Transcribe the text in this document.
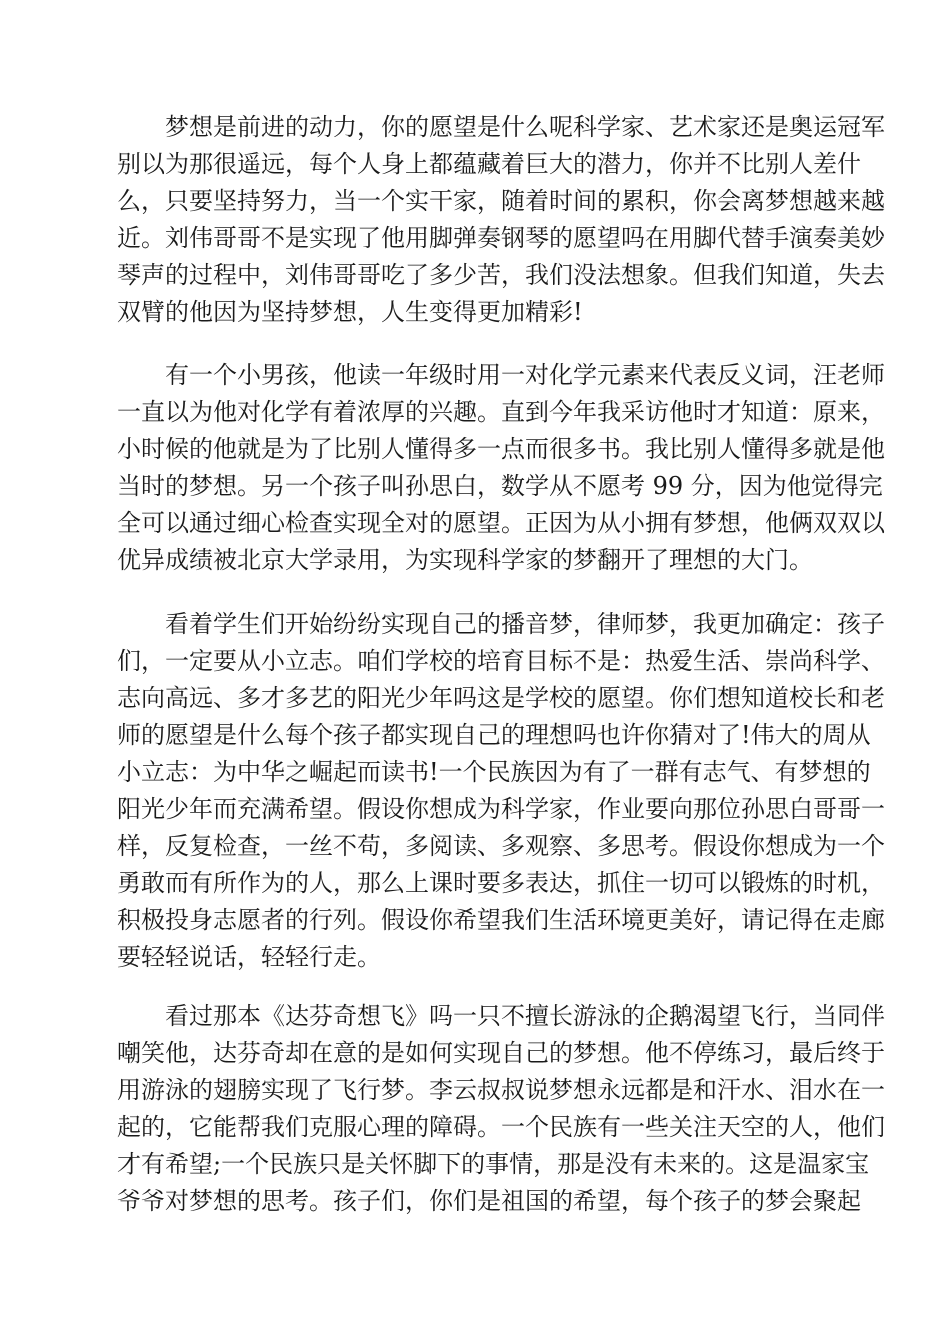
　　梦想是前进的动力，你的愿望是什么呢科学家、艺术家还是奥运冠军
别以为那很遥远，每个人身上都蕴藏着巨大的潜力，你并不比别人差什
么，只要坚持努力，当一个实干家，随着时间的累积，你会离梦想越来越
近。刘伟哥哥不是实现了他用脚弹奏钢琴的愿望吗在用脚代替手演奏美妙
琴声的过程中，刘伟哥哥吃了多少苦，我们没法想象。但我们知道，失去
双臂的他因为坚持梦想，人生变得更加精彩!
　　有一个小男孩，他读一年级时用一对化学元素来代表反义词，汪老师
一直以为他对化学有着浓厚的兴趣。直到今年我采访他时才知道：原来，
小时候的他就是为了比别人懂得多一点而很多书。我比别人懂得多就是他
当时的梦想。另一个孩子叫孙思白，数学从不愿考 99 分，因为他觉得完
全可以通过细心检查实现全对的愿望。正因为从小拥有梦想，他俩双双以
优异成绩被北京大学录用，为实现科学家的梦翻开了理想的大门。
　　看着学生们开始纷纷实现自己的播音梦，律师梦，我更加确定：孩子
们，一定要从小立志。咱们学校的培育目标不是：热爱生活、崇尚科学、
志向高远、多才多艺的阳光少年吗这是学校的愿望。你们想知道校长和老
师的愿望是什么每个孩子都实现自己的理想吗也许你猜对了!伟大的周从
小立志：为中华之崛起而读书!一个民族因为有了一群有志气、有梦想的
阳光少年而充满希望。假设你想成为科学家，作业要向那位孙思白哥哥一
样，反复检查，一丝不苟，多阅读、多观察、多思考。假设你想成为一个
勇敢而有所作为的人，那么上课时要多表达，抓住一切可以锻炼的时机，
积极投身志愿者的行列。假设你希望我们生活环境更美好，请记得在走廊
要轻轻说话，轻轻行走。
　　看过那本《达芬奇想飞》吗一只不擅长游泳的企鹅渴望飞行，当同伴
嘲笑他，达芬奇却在意的是如何实现自己的梦想。他不停练习，最后终于
用游泳的翅膀实现了飞行梦。李云叔叔说梦想永远都是和汗水、泪水在一
起的，它能帮我们克服心理的障碍。一个民族有一些关注天空的人，他们
才有希望;一个民族只是关怀脚下的事情，那是没有未来的。这是温家宝
爷爷对梦想的思考。孩子们，你们是祖国的希望，每个孩子的梦会聚起
